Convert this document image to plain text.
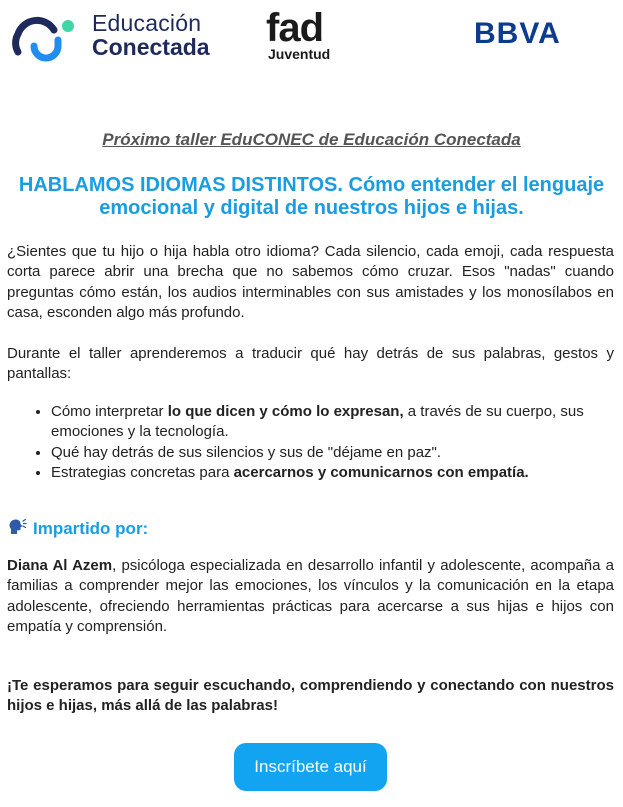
Educación
Conectada fad
Juventud
BBVA
Próximo taller EduCONEC de Educación Conectada
HABLAMOS IDIOMAS DISTINTOS. Cómo entender el lenguaje emocional y digital de nuestros hijos e hijas.
¿Sientes que tu hijo o hija habla otro idioma? Cada silencio, cada emoji, cada respuesta corta parece abrir una brecha que no sabemos cómo cruzar. Esos "nadas" cuando preguntas cómo están, los audios interminables con sus amistades y los monosílabos en casa, esconden algo más profundo.
Durante el taller aprenderemos a traducir qué hay detrás de sus palabras, gestos y pantallas:
• Cómo interpretar lo que dicen y cómo lo expresan, a través de su cuerpo, sus emociones y la tecnología.
• Qué hay detrás de sus silencios y sus de "déjame en paz".
• Estrategias concretas para acercarnos y comunicarnos con empatía.
Impartido por:
Diana Al Azem, psicóloga especializada en desarrollo infantil y adolescente, acompaña a familias a comprender mejor las emociones, los vínculos y la comunicación en la etapa adolescente, ofreciendo herramientas prácticas para acercarse a sus hijas e hijos con empatía y comprensión.
¡Te esperamos para seguir escuchando, comprendiendo y conectando con nuestros hijos e hijas, más allá de las palabras!
Inscríbete aquí
